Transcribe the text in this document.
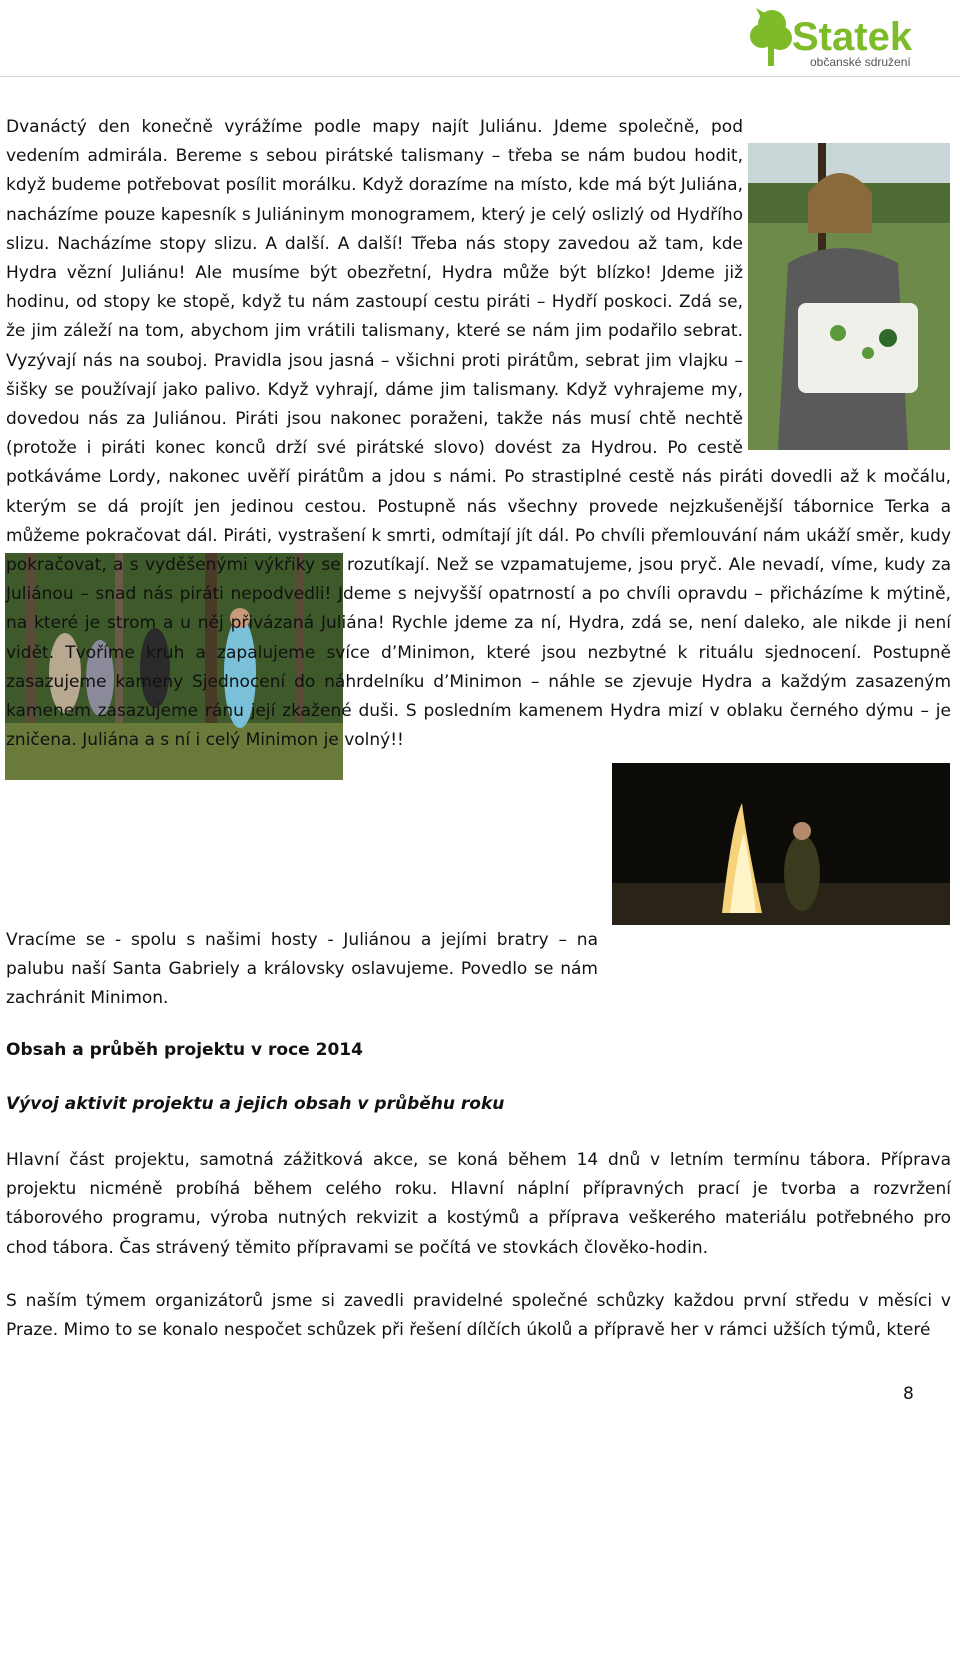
Statek
občanské sdružení
Dvanáctý den konečně vyrážíme podle mapy najít Juliánu. Jdeme společně, pod vedením admirála. Bereme s sebou pirátské talismany – třeba se nám budou hodit, když budeme potřebovat posílit morálku. Když dorazíme na místo, kde má být Juliána, nacházíme pouze kapesník s Juliáninym monogramem, který je celý oslizlý od Hydřího slizu. Nacházíme stopy slizu. A další. A další! Třeba nás stopy zavedou až tam, kde Hydra vězní Juliánu! Ale musíme být obezřetní, Hydra může být blízko! Jdeme již hodinu, od stopy ke stopě, když tu nám zastoupí cestu piráti – Hydří poskoci. Zdá se, že jim záleží na tom, abychom jim vrátili talismany, které se nám jim podařilo sebrat. Vyzývají nás na souboj. Pravidla jsou jasná – všichni proti pirátům, sebrat jim vlajku – šišky se používají jako palivo. Když vyhrají, dáme jim talismany. Když vyhrajeme my, dovedou nás za Juliánou. Piráti jsou nakonec poraženi, takže nás musí chtě nechtě (protože i piráti konec konců drží své pirátské slovo) dovést za Hydrou. Po cestě potkáváme Lordy, nakonec uvěří pirátům a jdou s námi. Po strastiplné cestě nás piráti dovedli až k močálu, kterým se dá projít jen jedinou cestou. Postupně nás všechny provede nejzkušenější tábornice Terka a můžeme pokračovat dál. Piráti, vystrašení k smrti, odmítají jít dál. Po chvíli přemlouvání nám ukáží směr, kudy pokračovat, a s vyděšenými výkřiky se rozutíkají. Než se vzpamatujeme, jsou pryč. Ale nevadí, víme, kudy za Juliánou – snad nás piráti nepodvedli! Jdeme s nejvyšší opatrností a po chvíli opravdu – přicházíme k mýtině, na které je strom a u něj přivázaná Juliána! Rychle jdeme za ní, Hydra, zdá se, není daleko, ale nikde ji není vidět. Tvoříme kruh a zapalujeme svíce d’Minimon, které jsou nezbytné k rituálu sjednocení. Postupně zasazujeme kameny Sjednocení do náhrdelníku d’Minimon – náhle se zjevuje Hydra a každým zasazeným kamenem zasazujeme ránu její zkažené duši. S posledním kamenem Hydra mizí v oblaku černého dýmu – je zničena. Juliána a s ní i celý Minimon je volný!!

Vracíme se - spolu s našimi hosty - Juliánou a jejími bratry – na palubu naší Santa Gabriely a královsky oslavujeme. Povedlo se nám zachránit Minimon.

Obsah a průběh projektu v roce 2014
Vývoj aktivit projektu a jejich obsah v průběhu roku

Hlavní část projektu, samotná zážitková akce, se koná během 14 dnů v letním termínu tábora. Příprava projektu nicméně probíhá během celého roku. Hlavní náplní přípravných prací je tvorba a rozvržení táborového programu, výroba nutných rekvizit a kostýmů a příprava veškerého materiálu potřebného pro chod tábora. Čas strávený těmito přípravami se počítá ve stovkách člověko-hodin.

S naším týmem organizátorů jsme si zavedli pravidelné společné schůzky každou první středu v měsíci v Praze. Mimo to se konalo nespočet schůzek při řešení dílčích úkolů a přípravě her v rámci užších týmů, které

8
